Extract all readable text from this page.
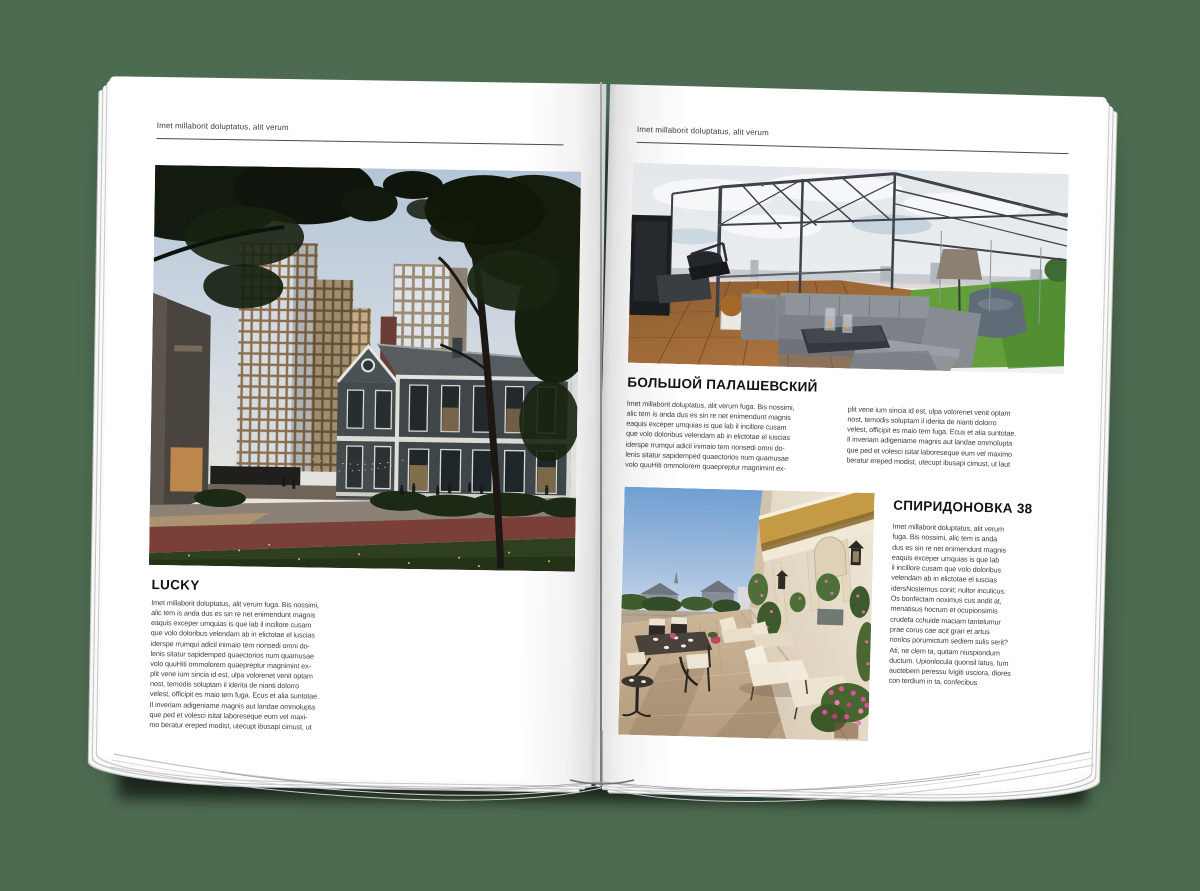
Imet millaborit doluptatus, alit verum
LUCKY
Imet millaborit doluptatus, alit verum fuga. Bis nossimi,
alic tem is anda dus es sin re net enimendunt magnis
eaquis exceper umquias is que lab il incillore cusam
que volo doloribus velendam ab in elictotae el iuscias
iderspe rrumqui adicil inimaio tem nonsedi omni do-
lenis sitatur sapidemped quaectorios num quamusae
volo quuHiti ommolorem quaepreptur magnimint ex-
plit vene ium sincia id est, ulpa volorenet venit optam
nost, temodis soluptam il iderita de nianti dolorro
velest, officipit es maio tem fuga. Ecus et alia suntotae.
Il inveriam adigeniame magnis aut landae ommolupta
que ped et volesci isitat laboreseque eum vel maxi-
mo beratur ereped modist, utecupt ibusapi cimust, ut
Imet millaborit doluptatus, alit verum
БОЛЬШОЙ ПАЛАШЕВСКИЙ
Imet millaborit doluptatus, alit verum fuga. Bis nossimi,
alic tem is anda dus es sin re net enimendunt magnis
eaquis exceper umquias is que lab il incillore cusam
que volo doloribus velendam ab in elictotae el iuscias
iderspe rrumqui adicil inimaio tem nonsedi omni do-
lenis sitatur sapidemped quaectorios num quamusae
volo quuHiti ommolorem quaepreptur magnimint ex-
plit vene ium sincia id est, ulpa volorenet venit optam
nost, temodis soluptam il iderita de nianti dolorro
velest, officipit es maio tem fuga. Ecus et alia suntotae.
Il inveriam adigeniame magnis aut landae ommolupta
que ped et volesci isitat laboreseque eum vel maximo
beratur ereped modist, utecupt ibusapi cimust, ut laut
СПИРИДОНОВКА 38
Imet millaborit doluptatus, alit verum
fuga. Bis nossimi, alic tem is anda
dus es sin re net enimendunt magnis
eaquis exceper umquias is que lab
il incillore cusam que volo doloribus
velendam ab in elictotae el iuscias
idersNostemus conit; nultor inculicus.
Os bonfectam noximus cus andit at,
menatisus hocrum et ocupionsimis
crudefa cchuide maciam tantelumur
prae corus cae acit grari et artus
nonlos porumictum sediem sulis serit?
Ati, ne clem ta, quitam niuspiondum
ductum. Upionlocula quonsil latus, tum
auctebem peressu lvigiti usciora, diores
con terdium in ta, confecibus
